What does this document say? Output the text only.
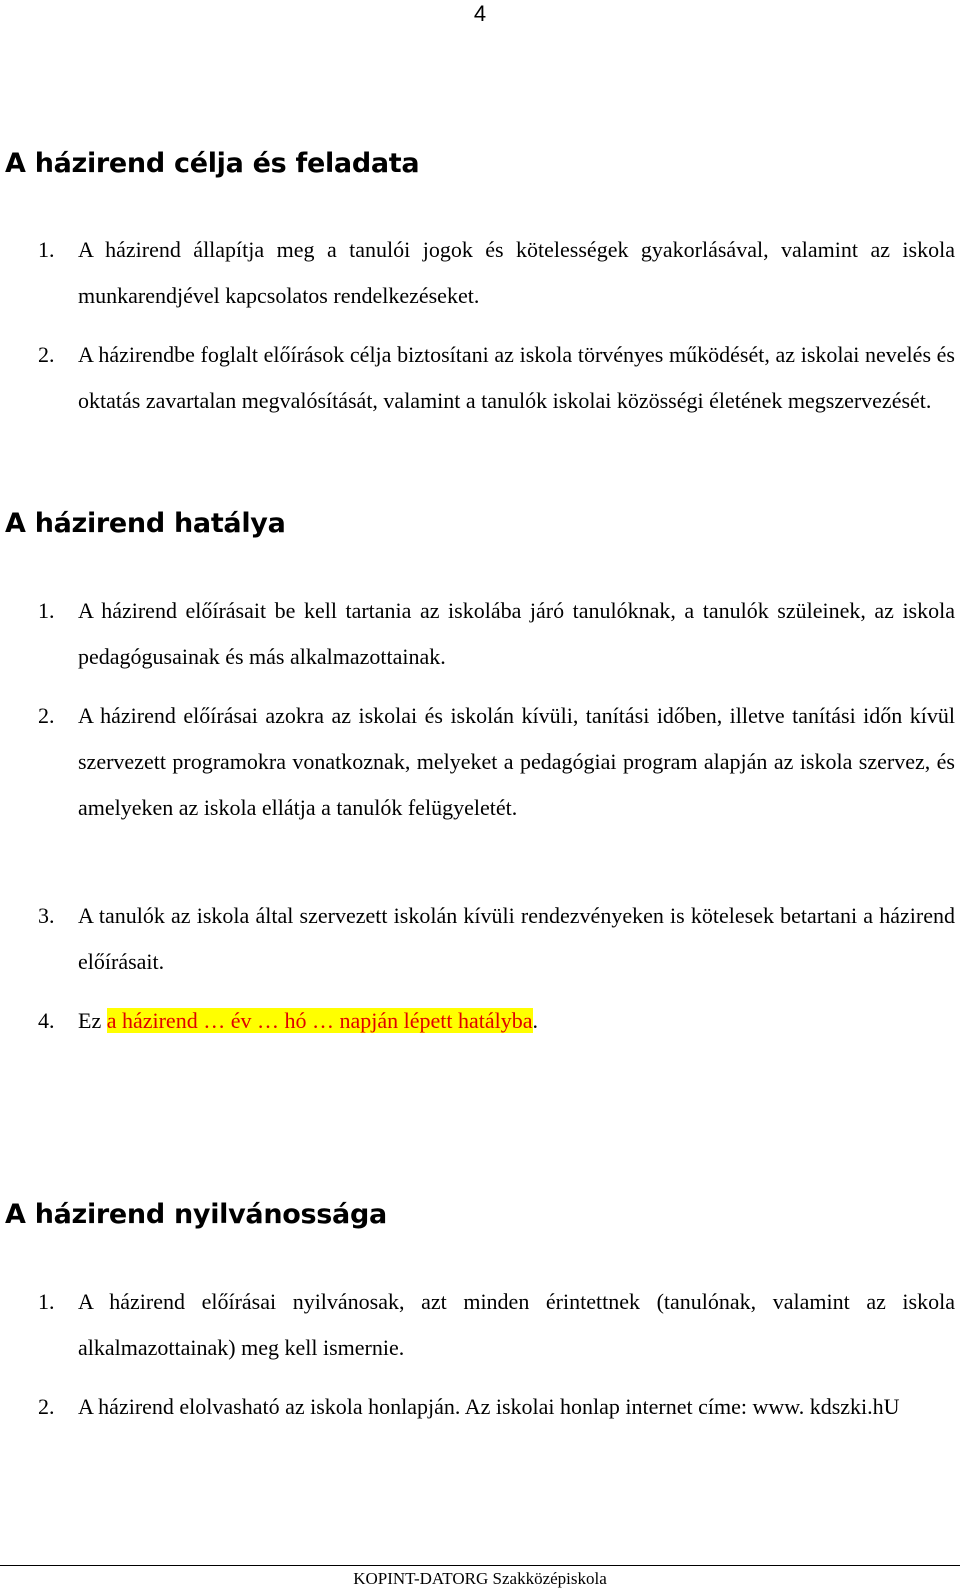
4
A házirend célja és feladata
1.	A házirend állapítja meg a tanulói jogok és kötelességek gyakorlásával, valamint az iskola munkarendjével kapcsolatos rendelkezéseket.
2.	A házirendbe foglalt előírások célja biztosítani az iskola törvényes működését, az iskolai nevelés és oktatás zavartalan megvalósítását, valamint a tanulók iskolai közösségi életének megszervezését.
A házirend hatálya
1.	A házirend előírásait be kell tartania az iskolába járó tanulóknak, a tanulók szüleinek, az iskola pedagógusainak és más alkalmazottainak.
2.	A házirend előírásai azokra az iskolai és iskolán kívüli, tanítási időben, illetve tanítási időn kívül szervezett programokra vonatkoznak, melyeket a pedagógiai program alapján az iskola szervez, és amelyeken az iskola ellátja a tanulók felügyeletét.
3.	A tanulók az iskola által szervezett iskolán kívüli rendezvényeken is kötelesek betartani a házirend előírásait.
4.	Ez a házirend … év … hó … napján lépett hatályba.
A házirend nyilvánossága
1.	A házirend előírásai nyilvánosak, azt minden érintettnek (tanulónak, valamint az iskola alkalmazottainak) meg kell ismernie.
2.	A házirend elolvasható az iskola honlapján. Az iskolai honlap internet címe: www. kdszki.hU
KOPINT-DATORG Szakközépiskola
